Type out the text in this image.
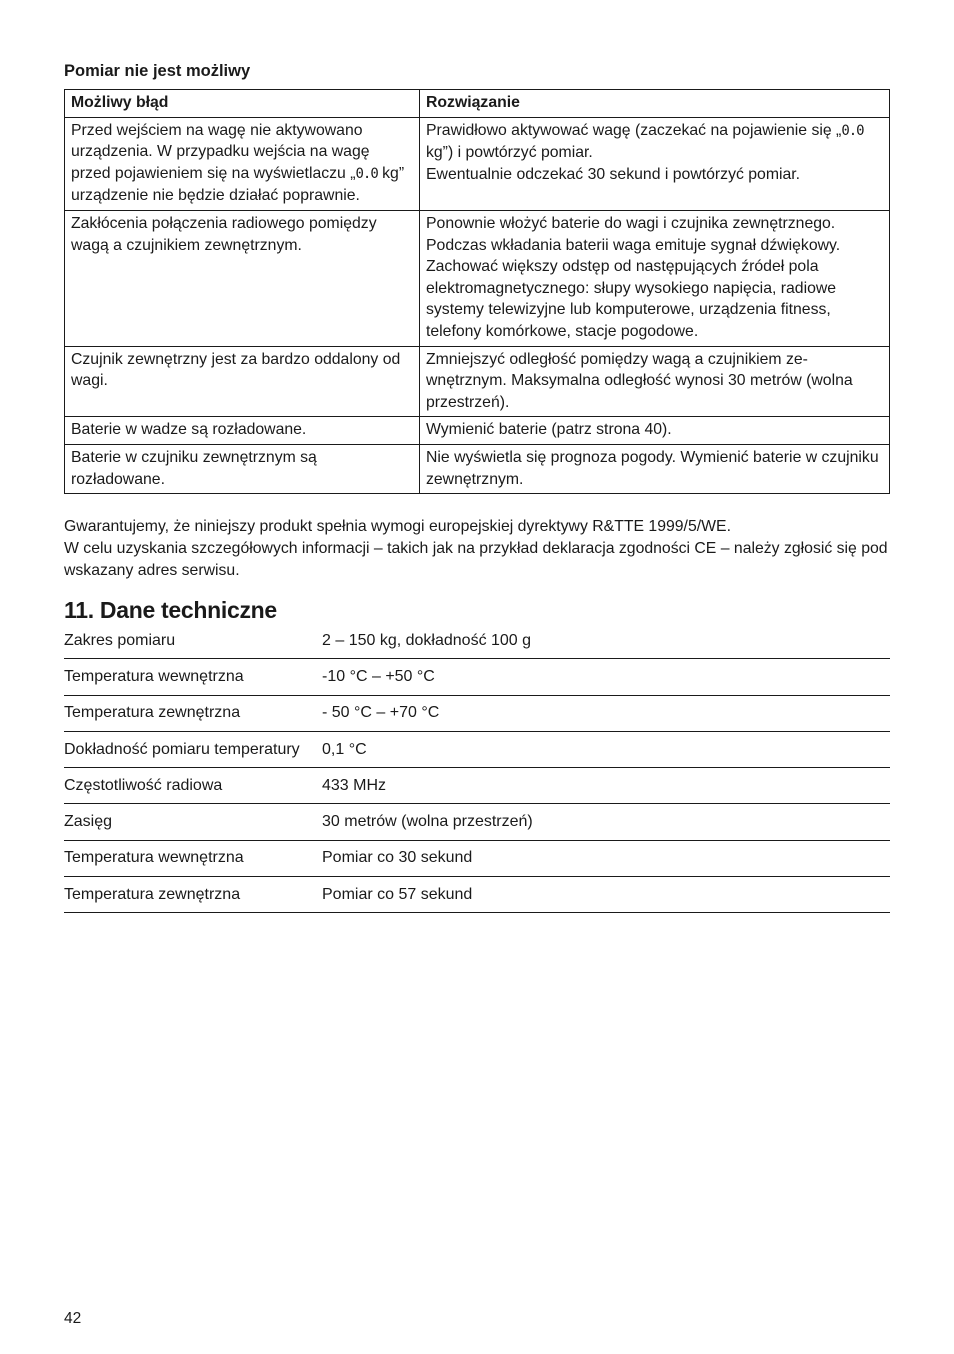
Pomiar nie jest możliwy
Możliwy błąd	Rozwiązanie
Przed wejściem na wagę nie aktywowano urządzenia. W przypadku wejścia na wagę przed pojawieniem się na wyświetlaczu „0.0 kg” urządzenie nie będzie działać poprawnie.	Prawidłowo aktywować wagę (zaczekać na pojawienie się „0.0 kg”) i powtórzyć pomiar.
Ewentualnie odczekać 30 sekund i powtórzyć pomiar.
Zakłócenia połączenia radiowego pomiędzy wagą a czujnikiem zewnętrznym.	Ponownie włożyć baterie do wagi i czujnika zewnętrznego. Podczas wkładania baterii waga emituje sygnał dźwiękowy. Zachować większy odstęp od następujących źródeł pola elektromagnetycznego: słupy wysokiego napięcia, radiowe systemy telewizyjne lub komputerowe, urządzenia fitness, telefony komórkowe, stacje pogodowe.
Czujnik zewnętrzny jest za bardzo oddalony od wagi.	Zmniejszyć odległość pomiędzy wagą a czujnikiem ze-wnętrznym. Maksymalna odległość wynosi 30 metrów (wolna przestrzeń).
Baterie w wadze są rozładowane.	Wymienić baterie (patrz strona 40).
Baterie w czujniku zewnętrznym są rozładowane.	Nie wyświetla się prognoza pogody. Wymienić baterie w czujniku zewnętrznym.

Gwarantujemy, że niniejszy produkt spełnia wymogi europejskiej dyrektywy R&TTE 1999/5/WE.

W celu uzyskania szczegółowych informacji – takich jak na przykład deklaracja zgodności CE – należy zgłosić się pod wskazany adres serwisu.

11. Dane techniczne
Zakres pomiaru	2 – 150 kg, dokładność 100 g
Temperatura wewnętrzna	-10 °C – +50 °C
Temperatura zewnętrzna	- 50 °C – +70 °C
Dokładność pomiaru temperatury	0,1 °C
Częstotliwość radiowa	433 MHz
Zasięg	30 metrów (wolna przestrzeń)
Temperatura wewnętrzna	Pomiar co 30 sekund
Temperatura zewnętrzna	Pomiar co 57 sekund
42
